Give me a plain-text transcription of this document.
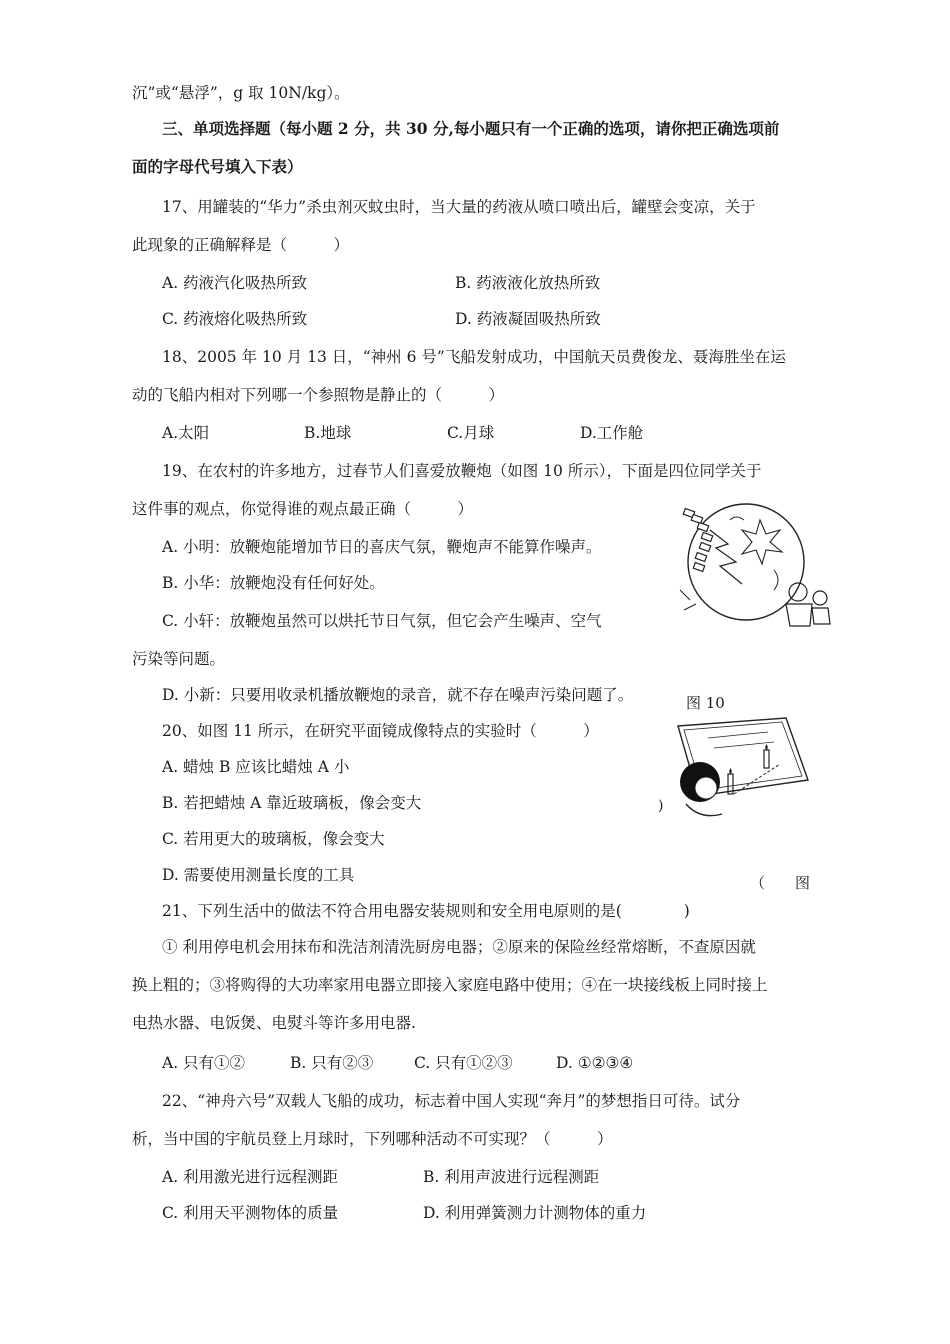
沉”或“悬浮”，g 取 10N/kg）。
三、单项选择题（每小题 2 分，共 30 分,每小题只有一个正确的选项，请你把正确选项前
面的字母代号填入下表）
17、用罐装的“华力”杀虫剂灭蚊虫时，当大量的药液从喷口喷出后，罐壁会变凉，关于
此现象的正确解释是（　　　）
A. 药液汽化吸热所致	B. 药液液化放热所致
C. 药液熔化吸热所致	D. 药液凝固吸热所致
18、2005 年 10 月 13 日，“神州 6 号”飞船发射成功，中国航天员费俊龙、聂海胜坐在运
动的飞船内相对下列哪一个参照物是静止的（　　　）
A.太阳	B.地球	C.月球	D.工作舱
19、在农村的许多地方，过春节人们喜爱放鞭炮（如图 10 所示），下面是四位同学关于
这件事的观点，你觉得谁的观点最正确（　　　）
A. 小明：放鞭炮能增加节日的喜庆气氛，鞭炮声不能算作噪声。
B. 小华：放鞭炮没有任何好处。
C. 小轩：放鞭炮虽然可以烘托节日气氛，但它会产生噪声、空气
污染等问题。
D. 小新：只要用收录机播放鞭炮的录音，就不存在噪声污染问题了。	图 10
20、如图 11 所示，在研究平面镜成像特点的实验时（　　　）
A. 蜡烛 B 应该比蜡烛 A 小
B. 若把蜡烛 A 靠近玻璃板，像会变大
C. 若用更大的玻璃板，像会变大
D. 需要使用测量长度的工具
)
（　　图
21、下列生活中的做法不符合用电器安装规则和安全用电原则的是(　　　　)
① 利用停电机会用抹布和洗洁剂清洗厨房电器；②原来的保险丝经常熔断，不查原因就
换上粗的；③将购得的大功率家用电器立即接入家庭电路中使用；④在一块接线板上同时接上
电热水器、电饭煲、电熨斗等许多用电器.
A. 只有①②	B. 只有②③	C. 只有①②③	D. ①②③④
22、“神舟六号”双载人飞船的成功，标志着中国人实现“奔月”的梦想指日可待。试分
析，当中国的宇航员登上月球时，下列哪种活动不可实现？（　　　）
A. 利用激光进行远程测距	B. 利用声波进行远程测距
C. 利用天平测物体的质量	D. 利用弹簧测力计测物体的重力
